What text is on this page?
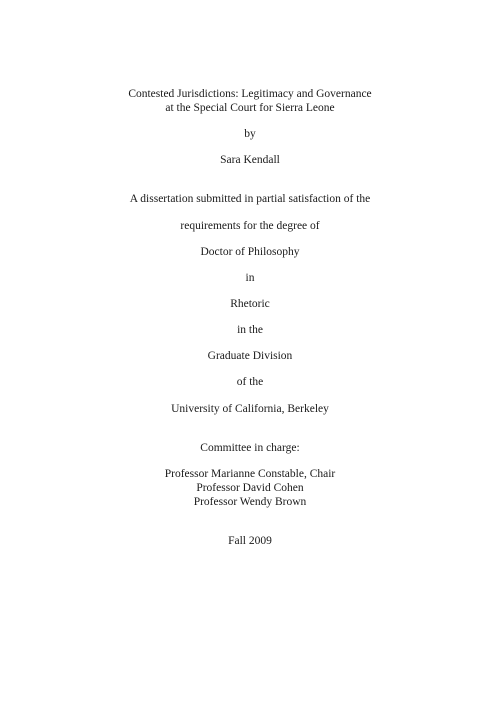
Contested Jurisdictions: Legitimacy and Governance
at the Special Court for Sierra Leone
by
Sara Kendall
A dissertation submitted in partial satisfaction of the
requirements for the degree of
Doctor of Philosophy
in
Rhetoric
in the
Graduate Division
of the
University of California, Berkeley
Committee in charge:
Professor Marianne Constable, Chair
Professor David Cohen
Professor Wendy Brown
Fall 2009
